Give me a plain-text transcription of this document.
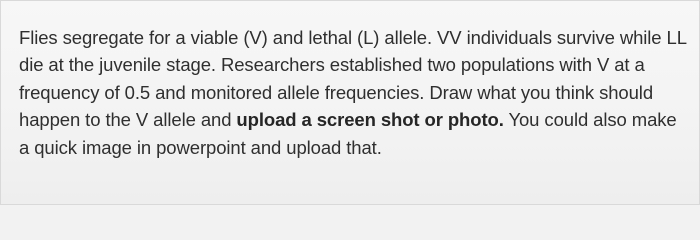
Flies segregate for a viable (V) and lethal (L) allele. VV individuals survive while LL die at the juvenile stage. Researchers established two populations with V at a frequency of 0.5 and monitored allele frequencies. Draw what you think should happen to the V allele and upload a screen shot or photo. You could also make a quick image in powerpoint and upload that.
